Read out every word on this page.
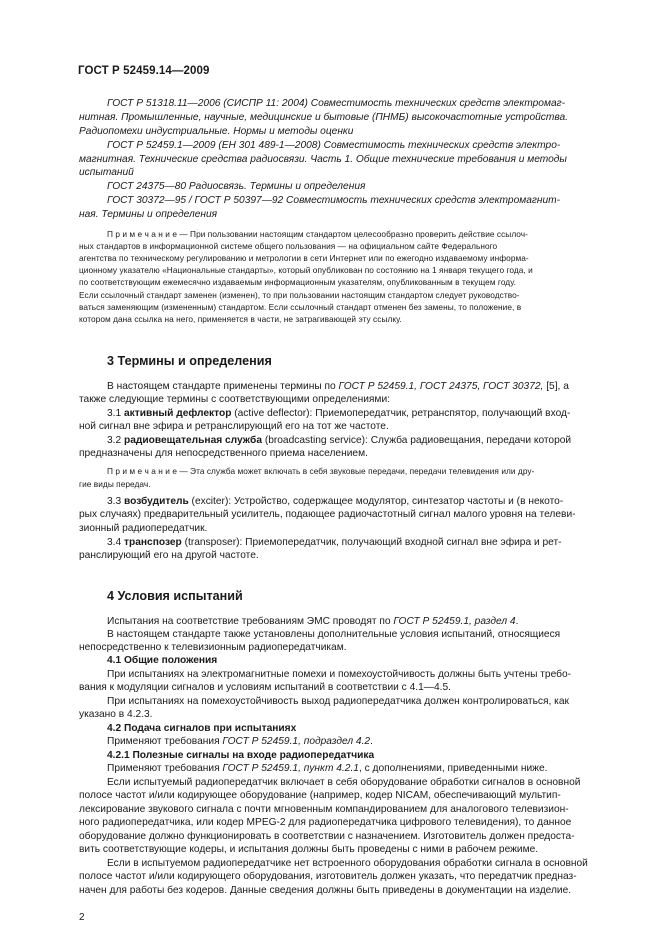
ГОСТ Р 52459.14—2009
ГОСТ Р 51318.11—2006 (СИСПР 11: 2004) Совместимость технических средств электромаг-
нитная. Промышленные, научные, медицинские и бытовые (ПНМБ) высокочастотные устройства.
Радиопомехи индустриальные. Нормы и методы оценки
ГОСТ Р 52459.1—2009 (ЕН 301 489-1—2008) Совместимость технических средств электро-
магнитная. Технические средства радиосвязи. Часть 1. Общие технические требования и методы
испытаний
ГОСТ 24375—80 Радиосвязь. Термины и определения
ГОСТ 30372—95 / ГОСТ Р 50397—92 Совместимость технических средств электромагнит-
ная. Термины и определения
П р и м е ч а н и е — При пользовании настоящим стандартом целесообразно проверить действие ссылоч-
ных стандартов в информационной системе общего пользования — на официальном сайте Федерального
агентства по техническому регулированию и метрологии в сети Интернет или по ежегодно издаваемому информа-
ционному указателю «Национальные стандарты», который опубликован по состоянию на 1 января текущего года, и
по соответствующим ежемесячно издаваемым информационным указателям, опубликованным в текущем году.
Если ссылочный стандарт заменен (изменен), то при пользовании настоящим стандартом следует руководство-
ваться заменяющим (измененным) стандартом. Если ссылочный стандарт отменен без замены, то положение, в
котором дана ссылка на него, применяется в части, не затрагивающей эту ссылку.
3 Термины и определения
В настоящем стандарте применены термины по ГОСТ Р 52459.1, ГОСТ 24375, ГОСТ 30372, [5], а
также следующие термины с соответствующими определениями:
3.1 активный дефлектор (active deflector): Приемопередатчик, ретранспятор, получающий вход-
ной сигнал вне эфира и ретранслирующий его на тот же частоте.
3.2 радиовещательная служба (broadcasting service): Служба радиовещания, передачи которой
предназначены для непосредственного приема населением.
П р и м е ч а н и е — Эта служба может включать в себя звуковые передачи, передачи телевидения или дру-
гие виды передач.
3.3 возбудитель (exciter): Устройство, содержащее модулятор, синтезатор частоты и (в некото-
рых случаях) предварительный усилитель, подающее радиочастотный сигнал малого уровня на телеви-
зионный радиопередатчик.
3.4 транспозер (transposer): Приемопередатчик, получающий входной сигнал вне эфира и рет-
ранслирующий его на другой частоте.
4 Условия испытаний
Испытания на соответствие требованиям ЭМС проводят по ГОСТ Р 52459.1, раздел 4.
В настоящем стандарте также установлены дополнительные условия испытаний, относящиеся
непосредственно к телевизионным радиопередатчикам.
4.1 Общие положения
При испытаниях на электромагнитные помехи и помехоустойчивость должны быть учтены требо-
вания к модуляции сигналов и условиям испытаний в соответствии с 4.1—4.5.
При испытаниях на помехоустойчивость выход радиопередатчика должен контролироваться, как
указано в 4.2.3.
4.2 Подача сигналов при испытаниях
Применяют требования ГОСТ Р 52459.1, подраздел 4.2.
4.2.1 Полезные сигналы на входе радиопередатчика
Применяют требования ГОСТ Р 52459.1, пункт 4.2.1, с дополнениями, приведенными ниже.
Если испытуемый радиопередатчик включает в себя оборудование обработки сигналов в основной
полосе частот и/или кодирующее оборудование (например, кодер NICAM, обеспечивающий мультип-
лексирование звукового сигнала с почти мгновенным компандированием для аналогового телевизион-
ного радиопередатчика, или кодер MPEG-2 для радиопередатчика цифрового телевидения), то данное
оборудование должно функционировать в соответствии с назначением. Изготовитель должен предоста-
вить соответствующие кодеры, и испытания должны быть проведены с ними в рабочем режиме.
Если в испытуемом радиопередатчике нет встроенного оборудования обработки сигнала в основной
полосе частот и/или кодирующего оборудования, изготовитель должен указать, что передатчик предназ-
начен для работы без кодеров. Данные сведения должны быть приведены в документации на изделие.
2
